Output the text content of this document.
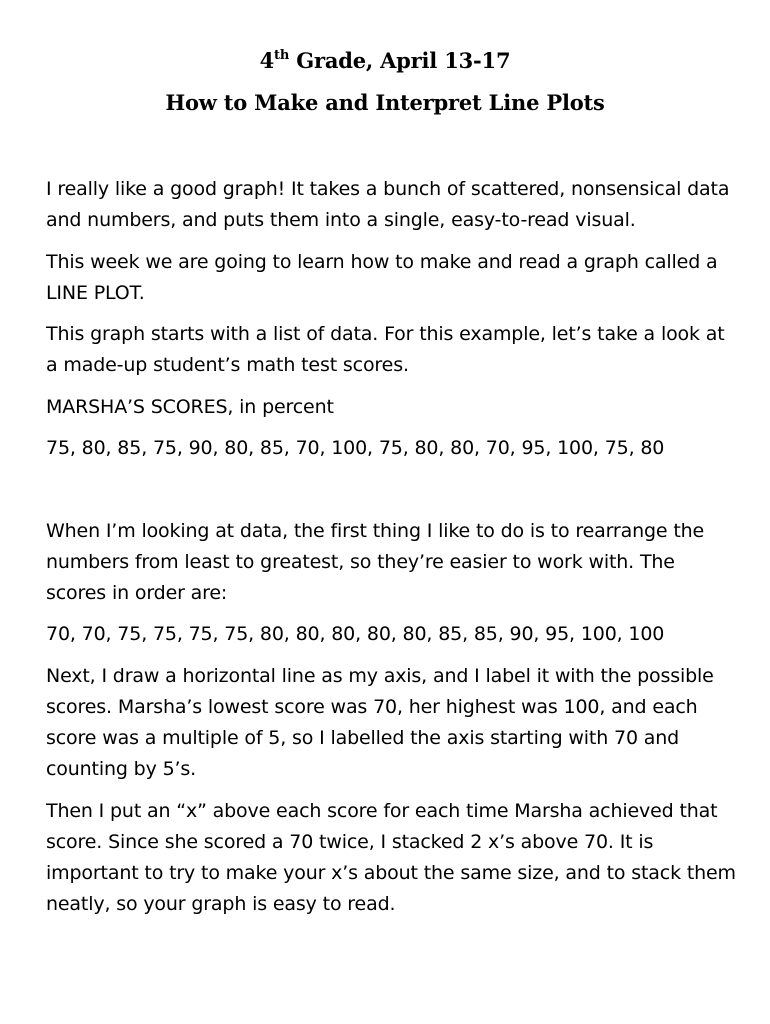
4th Grade, April 13-17
How to Make and Interpret Line Plots

I really like a good graph! It takes a bunch of scattered, nonsensical data and numbers, and puts them into a single, easy-to-read visual.

This week we are going to learn how to make and read a graph called a LINE PLOT.

This graph starts with a list of data. For this example, let’s take a look at a made-up student’s math test scores.

MARSHA’S SCORES, in percent

75, 80, 85, 75, 90, 80, 85, 70, 100, 75, 80, 80, 70, 95, 100, 75, 80

When I’m looking at data, the first thing I like to do is to rearrange the numbers from least to greatest, so they’re easier to work with. The scores in order are:

70, 70, 75, 75, 75, 75, 80, 80, 80, 80, 80, 85, 85, 90, 95, 100, 100

Next, I draw a horizontal line as my axis, and I label it with the possible scores. Marsha’s lowest score was 70, her highest was 100, and each score was a multiple of 5, so I labelled the axis starting with 70 and counting by 5’s.

Then I put an “x” above each score for each time Marsha achieved that score. Since she scored a 70 twice, I stacked 2 x’s above 70. It is important to try to make your x’s about the same size, and to stack them neatly, so your graph is easy to read.
